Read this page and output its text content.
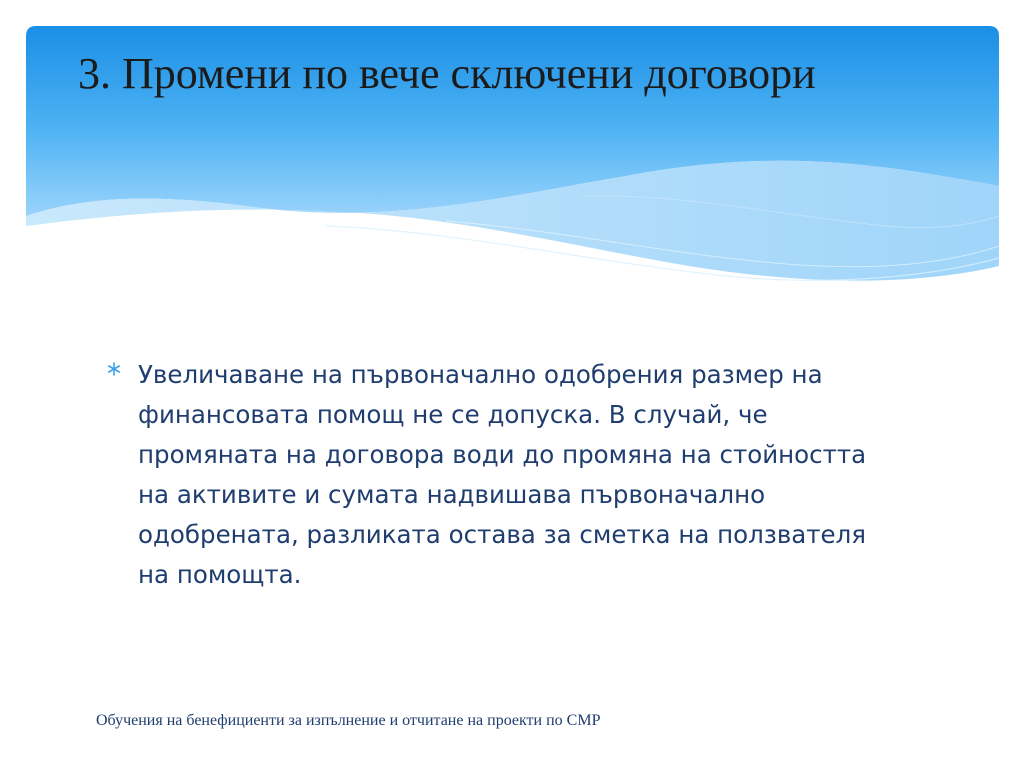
3. Промени по вече сключени договори

Увеличаване на първоначално одобрения размер на финансовата помощ не се допуска. В случай, че промяната на договора води до промяна на стойността на активите и сумата надвишава първоначално одобрената, разликата остава за сметка на ползвателя на помощта.

Обучения на бенефициенти за изпълнение и отчитане на проекти по СМР
